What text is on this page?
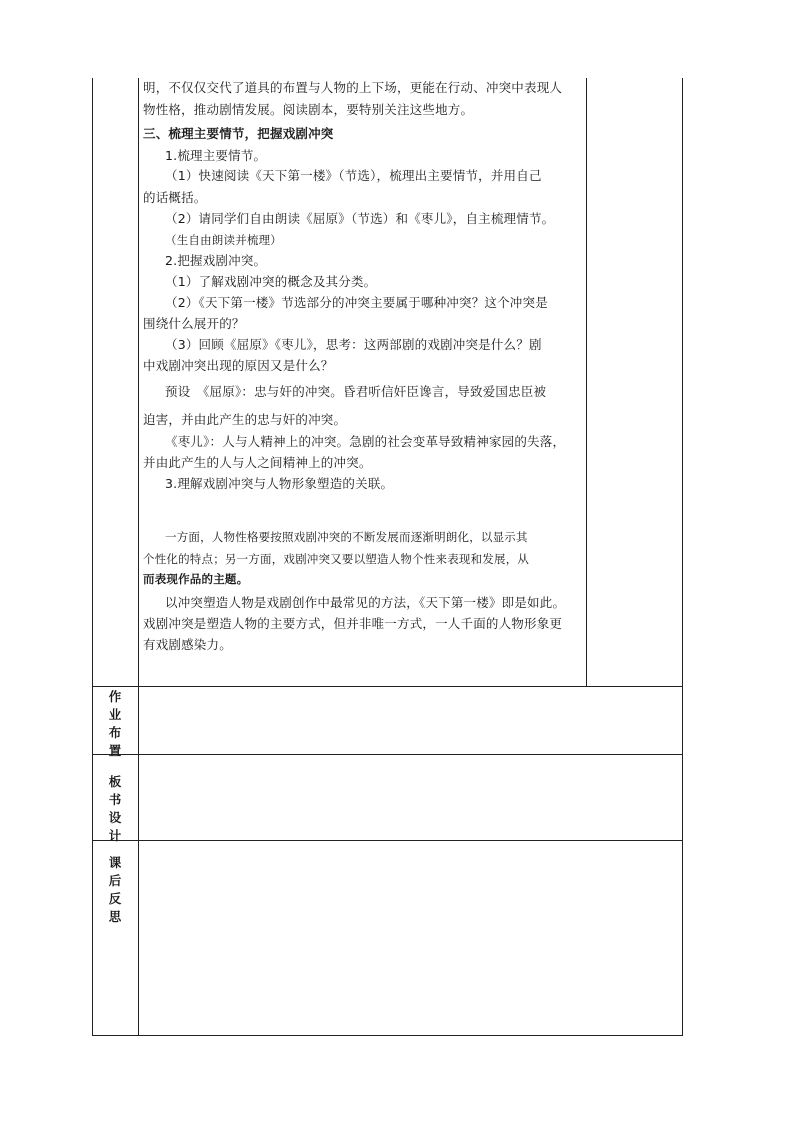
明，不仅仅交代了道具的布置与人物的上下场，更能在行动、冲突中表现人

物性格，推动剧情发展。阅读剧本，要特别关注这些地方。

三、梳理主要情节，把握戏剧冲突

1.梳理主要情节。

（1）快速阅读《天下第一楼》（节选），梳理出主要情节，并用自己

的话概括。

（2）请同学们自由朗读《屈原》（节选）和《枣儿》，自主梳理情节。

（生自由朗读并梳理）

2.把握戏剧冲突。

（1）了解戏剧冲突的概念及其分类。

（2）《天下第一楼》节选部分的冲突主要属于哪种冲突？这个冲突是

围绕什么展开的？

（3）回顾《屈原》《枣儿》，思考：这两部剧的戏剧冲突是什么？剧

中戏剧冲突出现的原因又是什么？

预设　《屈原》：忠与奸的冲突。昏君听信奸臣谗言，导致爱国忠臣被

迫害，并由此产生的忠与奸的冲突。

《枣儿》：人与人精神上的冲突。急剧的社会变革导致精神家园的失落，

并由此产生的人与人之间精神上的冲突。

3.理解戏剧冲突与人物形象塑造的关联。

一方面，人物性格要按照戏剧冲突的不断发展而逐渐明朗化，以显示其

个性化的特点；另一方面，戏剧冲突又要以塑造人物个性来表现和发展，从

而表现作品的主题。

以冲突塑造人物是戏剧创作中最常见的方法，《天下第一楼》即是如此。

戏剧冲突是塑造人物的主要方式，但并非唯一方式，一人千面的人物形象更

有戏剧感染力。

作
业
布
置
板
书
设
计
课
后
反
思
